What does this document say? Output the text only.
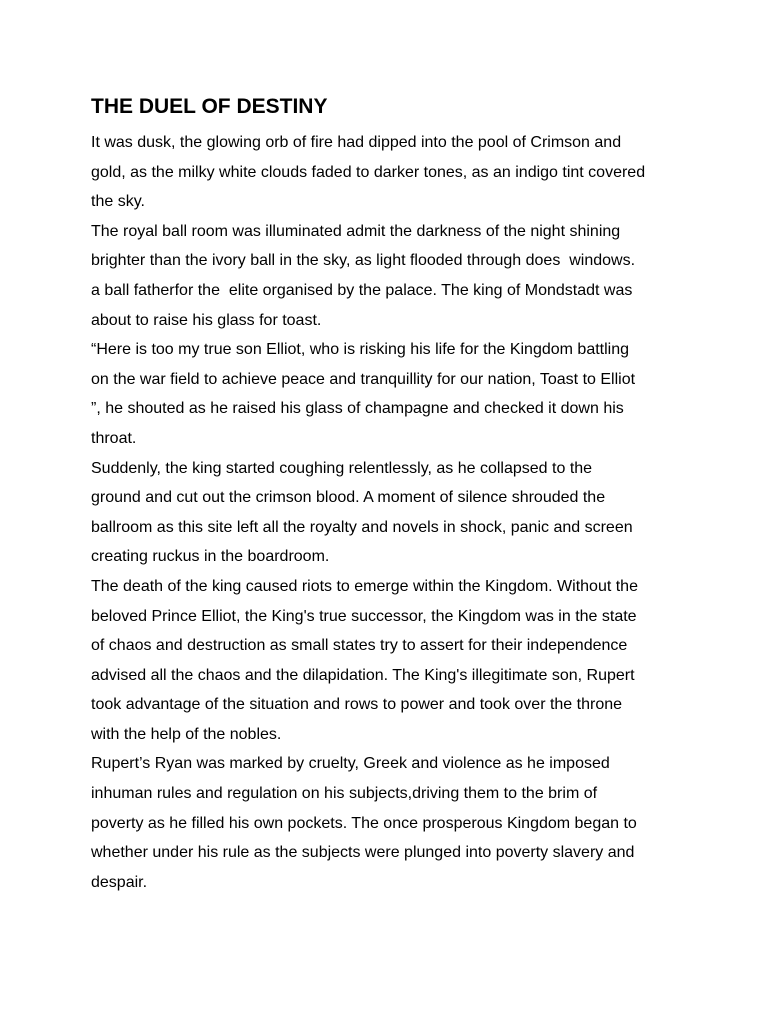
THE DUEL OF DESTINY
It was dusk, the glowing orb of fire had dipped into the pool of Crimson and
gold, as the milky white clouds faded to darker tones, as an indigo tint covered
the sky.
The royal ball room was illuminated admit the darkness of the night shining
brighter than the ivory ball in the sky, as light flooded through does  windows.
a ball fatherfor the  elite organised by the palace. The king of Mondstadt was
about to raise his glass for toast.
“Here is too my true son Elliot, who is risking his life for the Kingdom battling
on the war field to achieve peace and tranquillity for our nation, Toast to Elliot
”, he shouted as he raised his glass of champagne and checked it down his
throat.
Suddenly, the king started coughing relentlessly, as he collapsed to the
ground and cut out the crimson blood. A moment of silence shrouded the
ballroom as this site left all the royalty and novels in shock, panic and screen
creating ruckus in the boardroom.
The death of the king caused riots to emerge within the Kingdom. Without the
beloved Prince Elliot, the King's true successor, the Kingdom was in the state
of chaos and destruction as small states try to assert for their independence
advised all the chaos and the dilapidation. The King's illegitimate son, Rupert
took advantage of the situation and rows to power and took over the throne
with the help of the nobles.
Rupert’s Ryan was marked by cruelty, Greek and violence as he imposed
inhuman rules and regulation on his subjects,driving them to the brim of
poverty as he filled his own pockets. The once prosperous Kingdom began to
whether under his rule as the subjects were plunged into poverty slavery and
despair.
